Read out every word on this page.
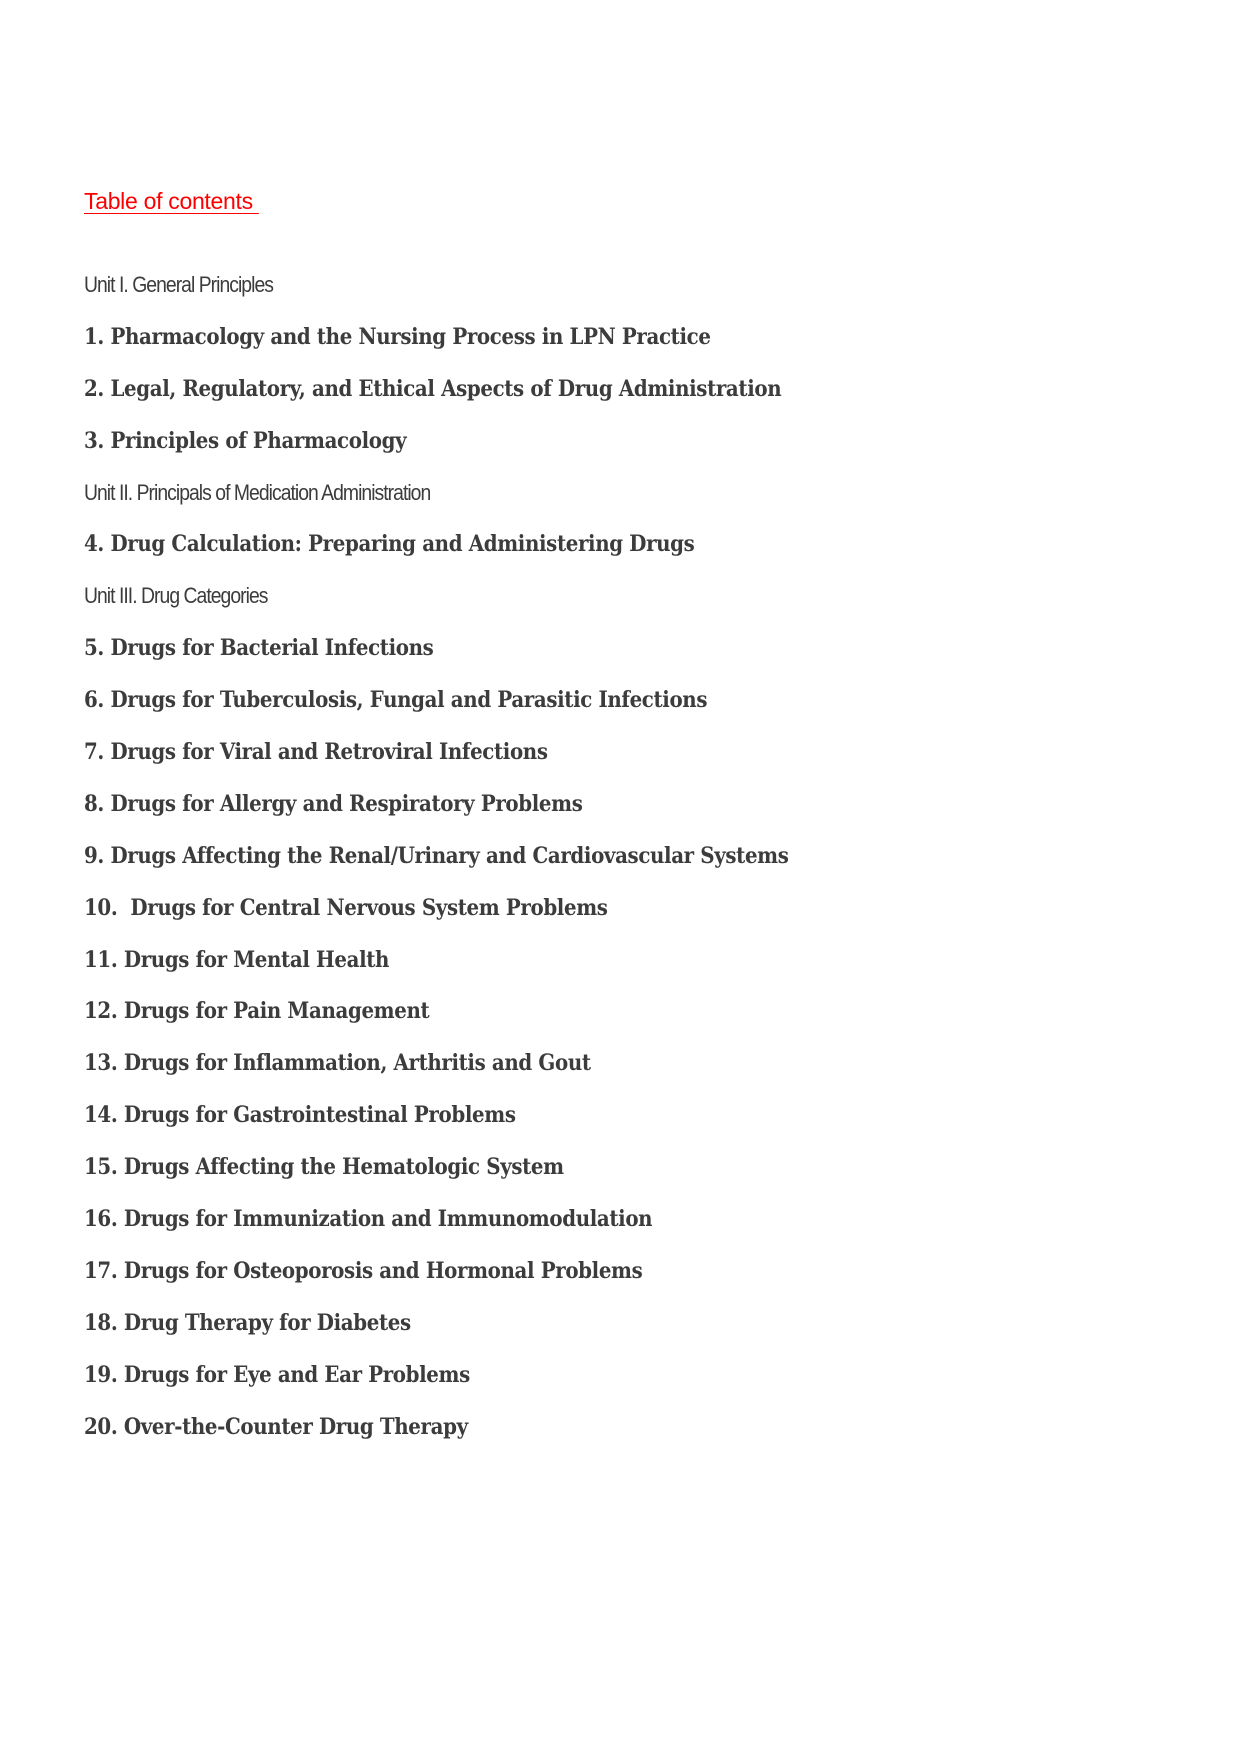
Table of contents
Unit I. General Principles
1. Pharmacology and the Nursing Process in LPN Practice
2. Legal, Regulatory, and Ethical Aspects of Drug Administration
3. Principles of Pharmacology
Unit II. Principals of Medication Administration
4. Drug Calculation: Preparing and Administering Drugs
Unit III. Drug Categories
5. Drugs for Bacterial Infections
6. Drugs for Tuberculosis, Fungal and Parasitic Infections
7. Drugs for Viral and Retroviral Infections
8. Drugs for Allergy and Respiratory Problems
9. Drugs Affecting the Renal/Urinary and Cardiovascular Systems
10.  Drugs for Central Nervous System Problems
11. Drugs for Mental Health
12. Drugs for Pain Management
13. Drugs for Inflammation, Arthritis and Gout
14. Drugs for Gastrointestinal Problems
15. Drugs Affecting the Hematologic System
16. Drugs for Immunization and Immunomodulation
17. Drugs for Osteoporosis and Hormonal Problems
18. Drug Therapy for Diabetes
19. Drugs for Eye and Ear Problems
20. Over-the-Counter Drug Therapy
